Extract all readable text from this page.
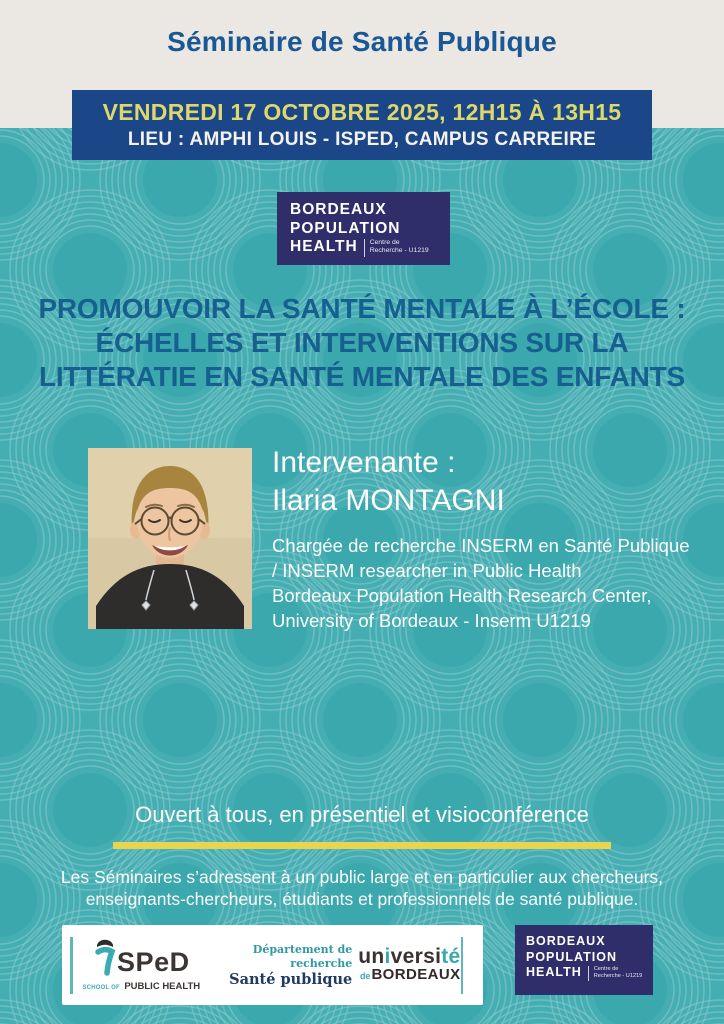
Séminaire de Santé Publique
VENDREDI 17 OCTOBRE 2025, 12H15 À 13H15
LIEU : AMPHI LOUIS - ISPED, CAMPUS CARREIRE
BORDEAUX
POPULATION
HEALTH Centre de
Recherche - U1219
PROMOUVOIR LA SANTÉ MENTALE À L’ÉCOLE :
ÉCHELLES ET INTERVENTIONS SUR LA
LITTÉRATIE EN SANTÉ MENTALE DES ENFANTS
Intervenante :
Ilaria MONTAGNI
Chargée de recherche INSERM en Santé Publique
/ INSERM researcher in Public Health
Bordeaux Population Health Research Center,
University of Bordeaux - Inserm U1219
Ouvert à tous, en présentiel et visioconférence
Les Séminaires s’adressent à un public large et en particulier aux chercheurs,
enseignants-chercheurs, étudiants et professionnels de santé publique.
SPeD
SCHOOL OF PUBLIC HEALTH
Département de recherche
Santé publique
université
deBORDEAUX
BORDEAUX
POPULATION
HEALTH Centre de
Recherche - U1219
